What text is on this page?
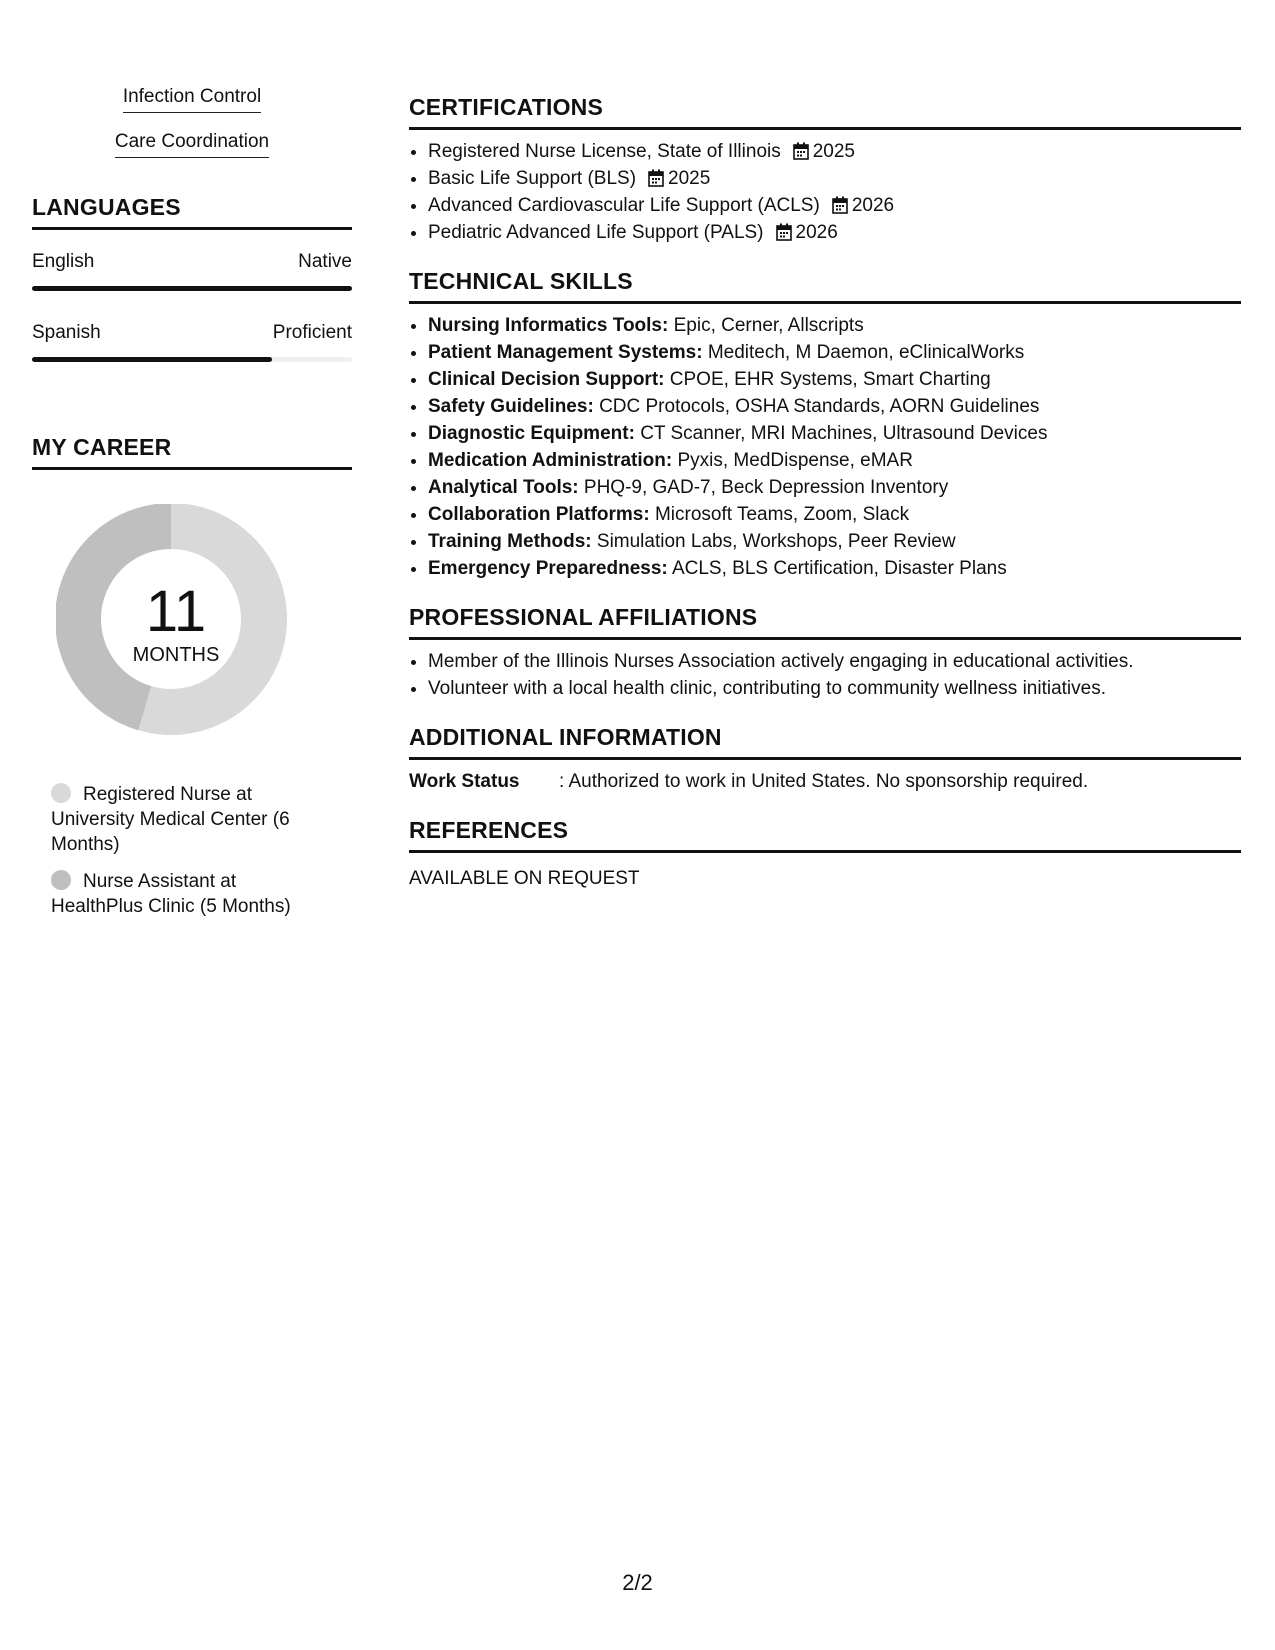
Infection Control
Care Coordination
LANGUAGES
English	Native
Spanish	Proficient
MY CAREER
11
MONTHS
Registered Nurse at University Medical Center (6 Months)
Nurse Assistant at HealthPlus Clinic (5 Months)
CERTIFICATIONS
• Registered Nurse License, State of Illinois 2025
• Basic Life Support (BLS) 2025
• Advanced Cardiovascular Life Support (ACLS) 2026
• Pediatric Advanced Life Support (PALS) 2026
TECHNICAL SKILLS
• Nursing Informatics Tools: Epic, Cerner, Allscripts
• Patient Management Systems: Meditech, M Daemon, eClinicalWorks
• Clinical Decision Support: CPOE, EHR Systems, Smart Charting
• Safety Guidelines: CDC Protocols, OSHA Standards, AORN Guidelines
• Diagnostic Equipment: CT Scanner, MRI Machines, Ultrasound Devices
• Medication Administration: Pyxis, MedDispense, eMAR
• Analytical Tools: PHQ-9, GAD-7, Beck Depression Inventory
• Collaboration Platforms: Microsoft Teams, Zoom, Slack
• Training Methods: Simulation Labs, Workshops, Peer Review
• Emergency Preparedness: ACLS, BLS Certification, Disaster Plans
PROFESSIONAL AFFILIATIONS
• Member of the Illinois Nurses Association actively engaging in educational activities.
• Volunteer with a local health clinic, contributing to community wellness initiatives.
ADDITIONAL INFORMATION
Work Status	: Authorized to work in United States. No sponsorship required.
REFERENCES
AVAILABLE ON REQUEST
2/2
